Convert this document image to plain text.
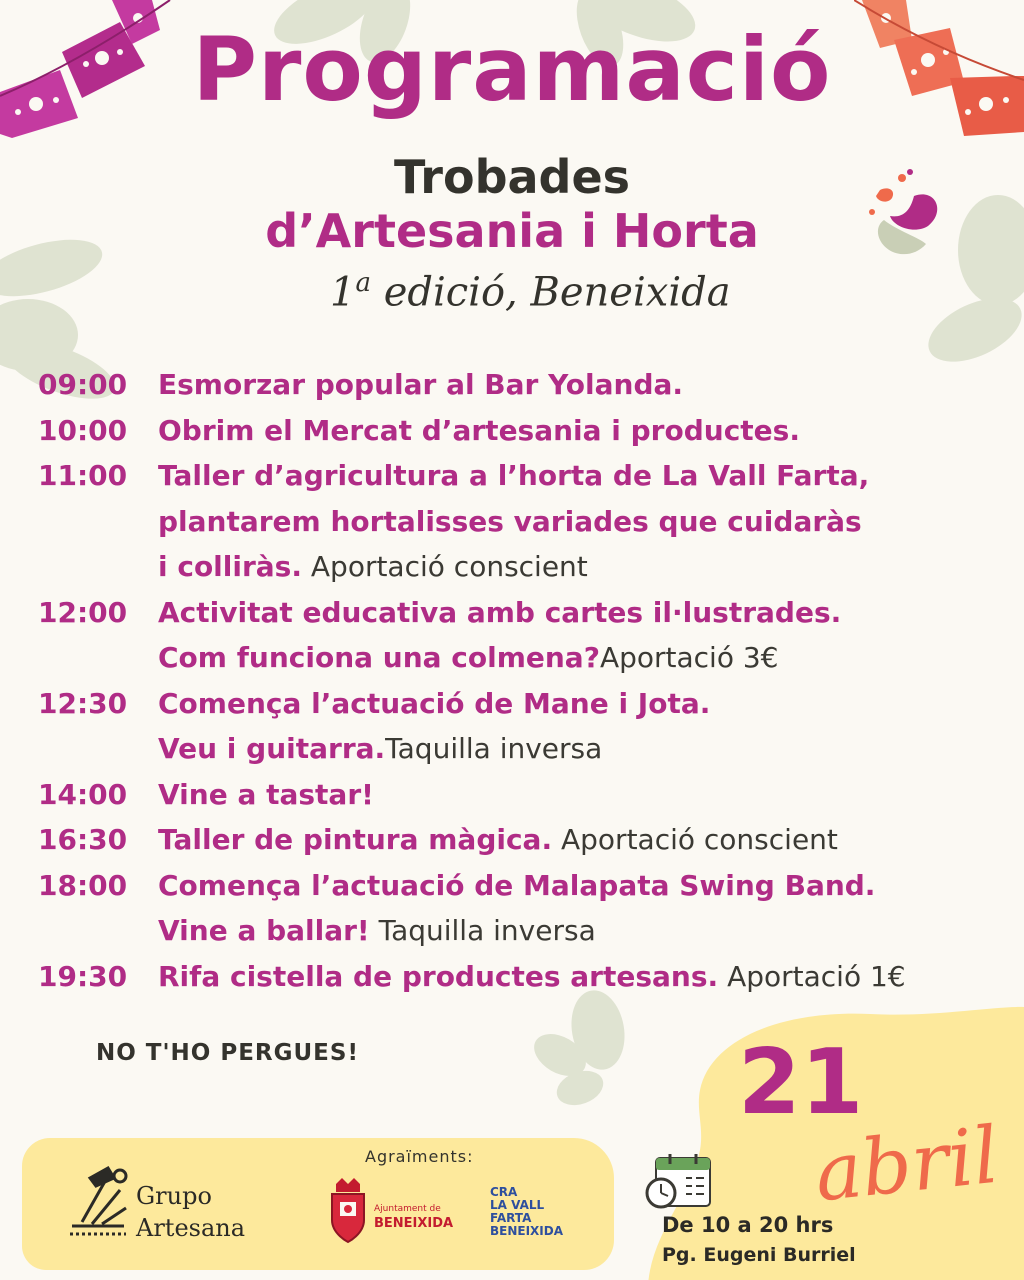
Programació
Trobades
d’Artesania i Horta
1$^a$ edició, Beneixida
09:00	Esmorzar popular al Bar Yolanda.
10:00	Obrim el Mercat d’artesania i productes.
11:00	Taller d’agricultura a l’horta de La Vall Farta,
plantarem hortalisses variades que cuidaràs
i colliràs. Aportació conscient
12:00	Activitat educativa amb cartes il·lustrades.
Com funciona una colmena?Aportació 3€
12:30	Comença l’actuació de Mane i Jota.
Veu i guitarra.Taquilla inversa
14:00	Vine a tastar!
16:30	Taller de pintura màgica. Aportació conscient
18:00	Comença l’actuació de Malapata Swing Band.
Vine a ballar! Taquilla inversa
19:30	Rifa cistella de productes artesans. Aportació 1€
NO T'HO PERGUES!
Agraïments:
Grupo
Artesana
Ajuntament de
BENEIXIDA
CRA
LA VALL
FARTA
BENEIXIDA
21
abril
De 10 a 20 hrs
Pg. Eugeni Burriel
